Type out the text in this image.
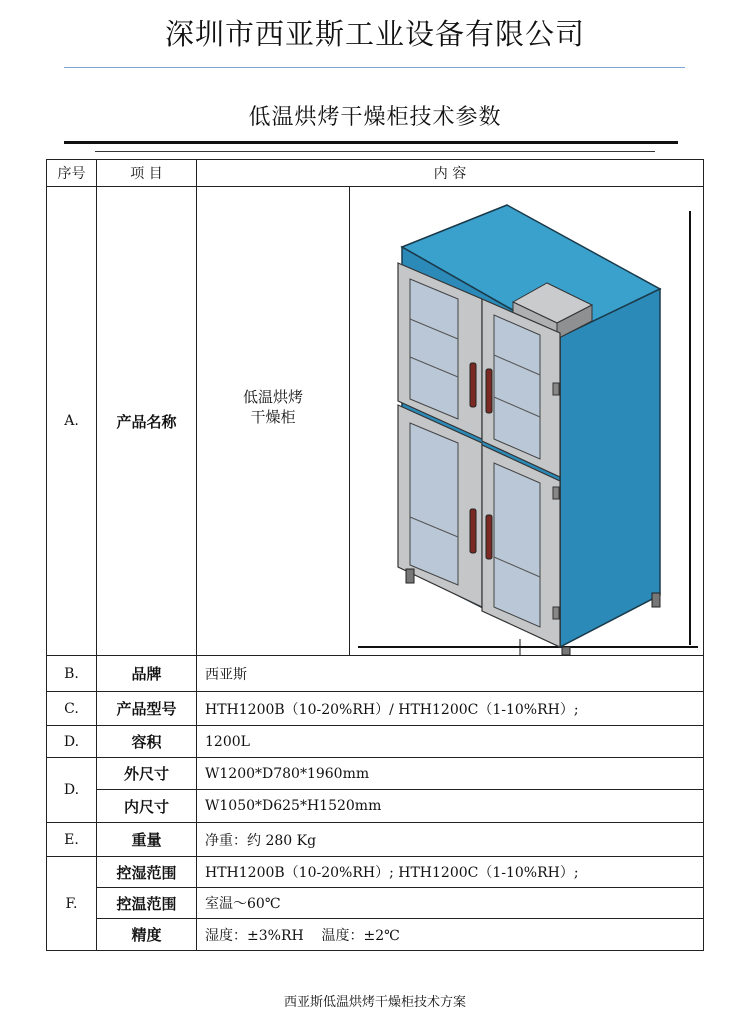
深圳市西亚斯工业设备有限公司
低温烘烤干燥柜技术参数
序号	项 目	内 容	
A.	产品名称	低温烘烤
干燥柜

B.	品牌	西亚斯	
C.	产品型号	HTH1200B（10-20%RH）/ HTH1200C（1-10%RH）;	
D.	容积	1200L	
D.	外尺寸	W1200*D780*1960mm	
	内尺寸	W1050*D625*H1520mm	
E.	重量	净重：约 280 Kg	
F.	控湿范围	HTH1200B（10-20%RH）; HTH1200C（1-10%RH）;	
	控温范围	室温～60℃	
	精度	湿度：±3%RH    温度：±2℃	
西亚斯低温烘烤干燥柜技术方案
